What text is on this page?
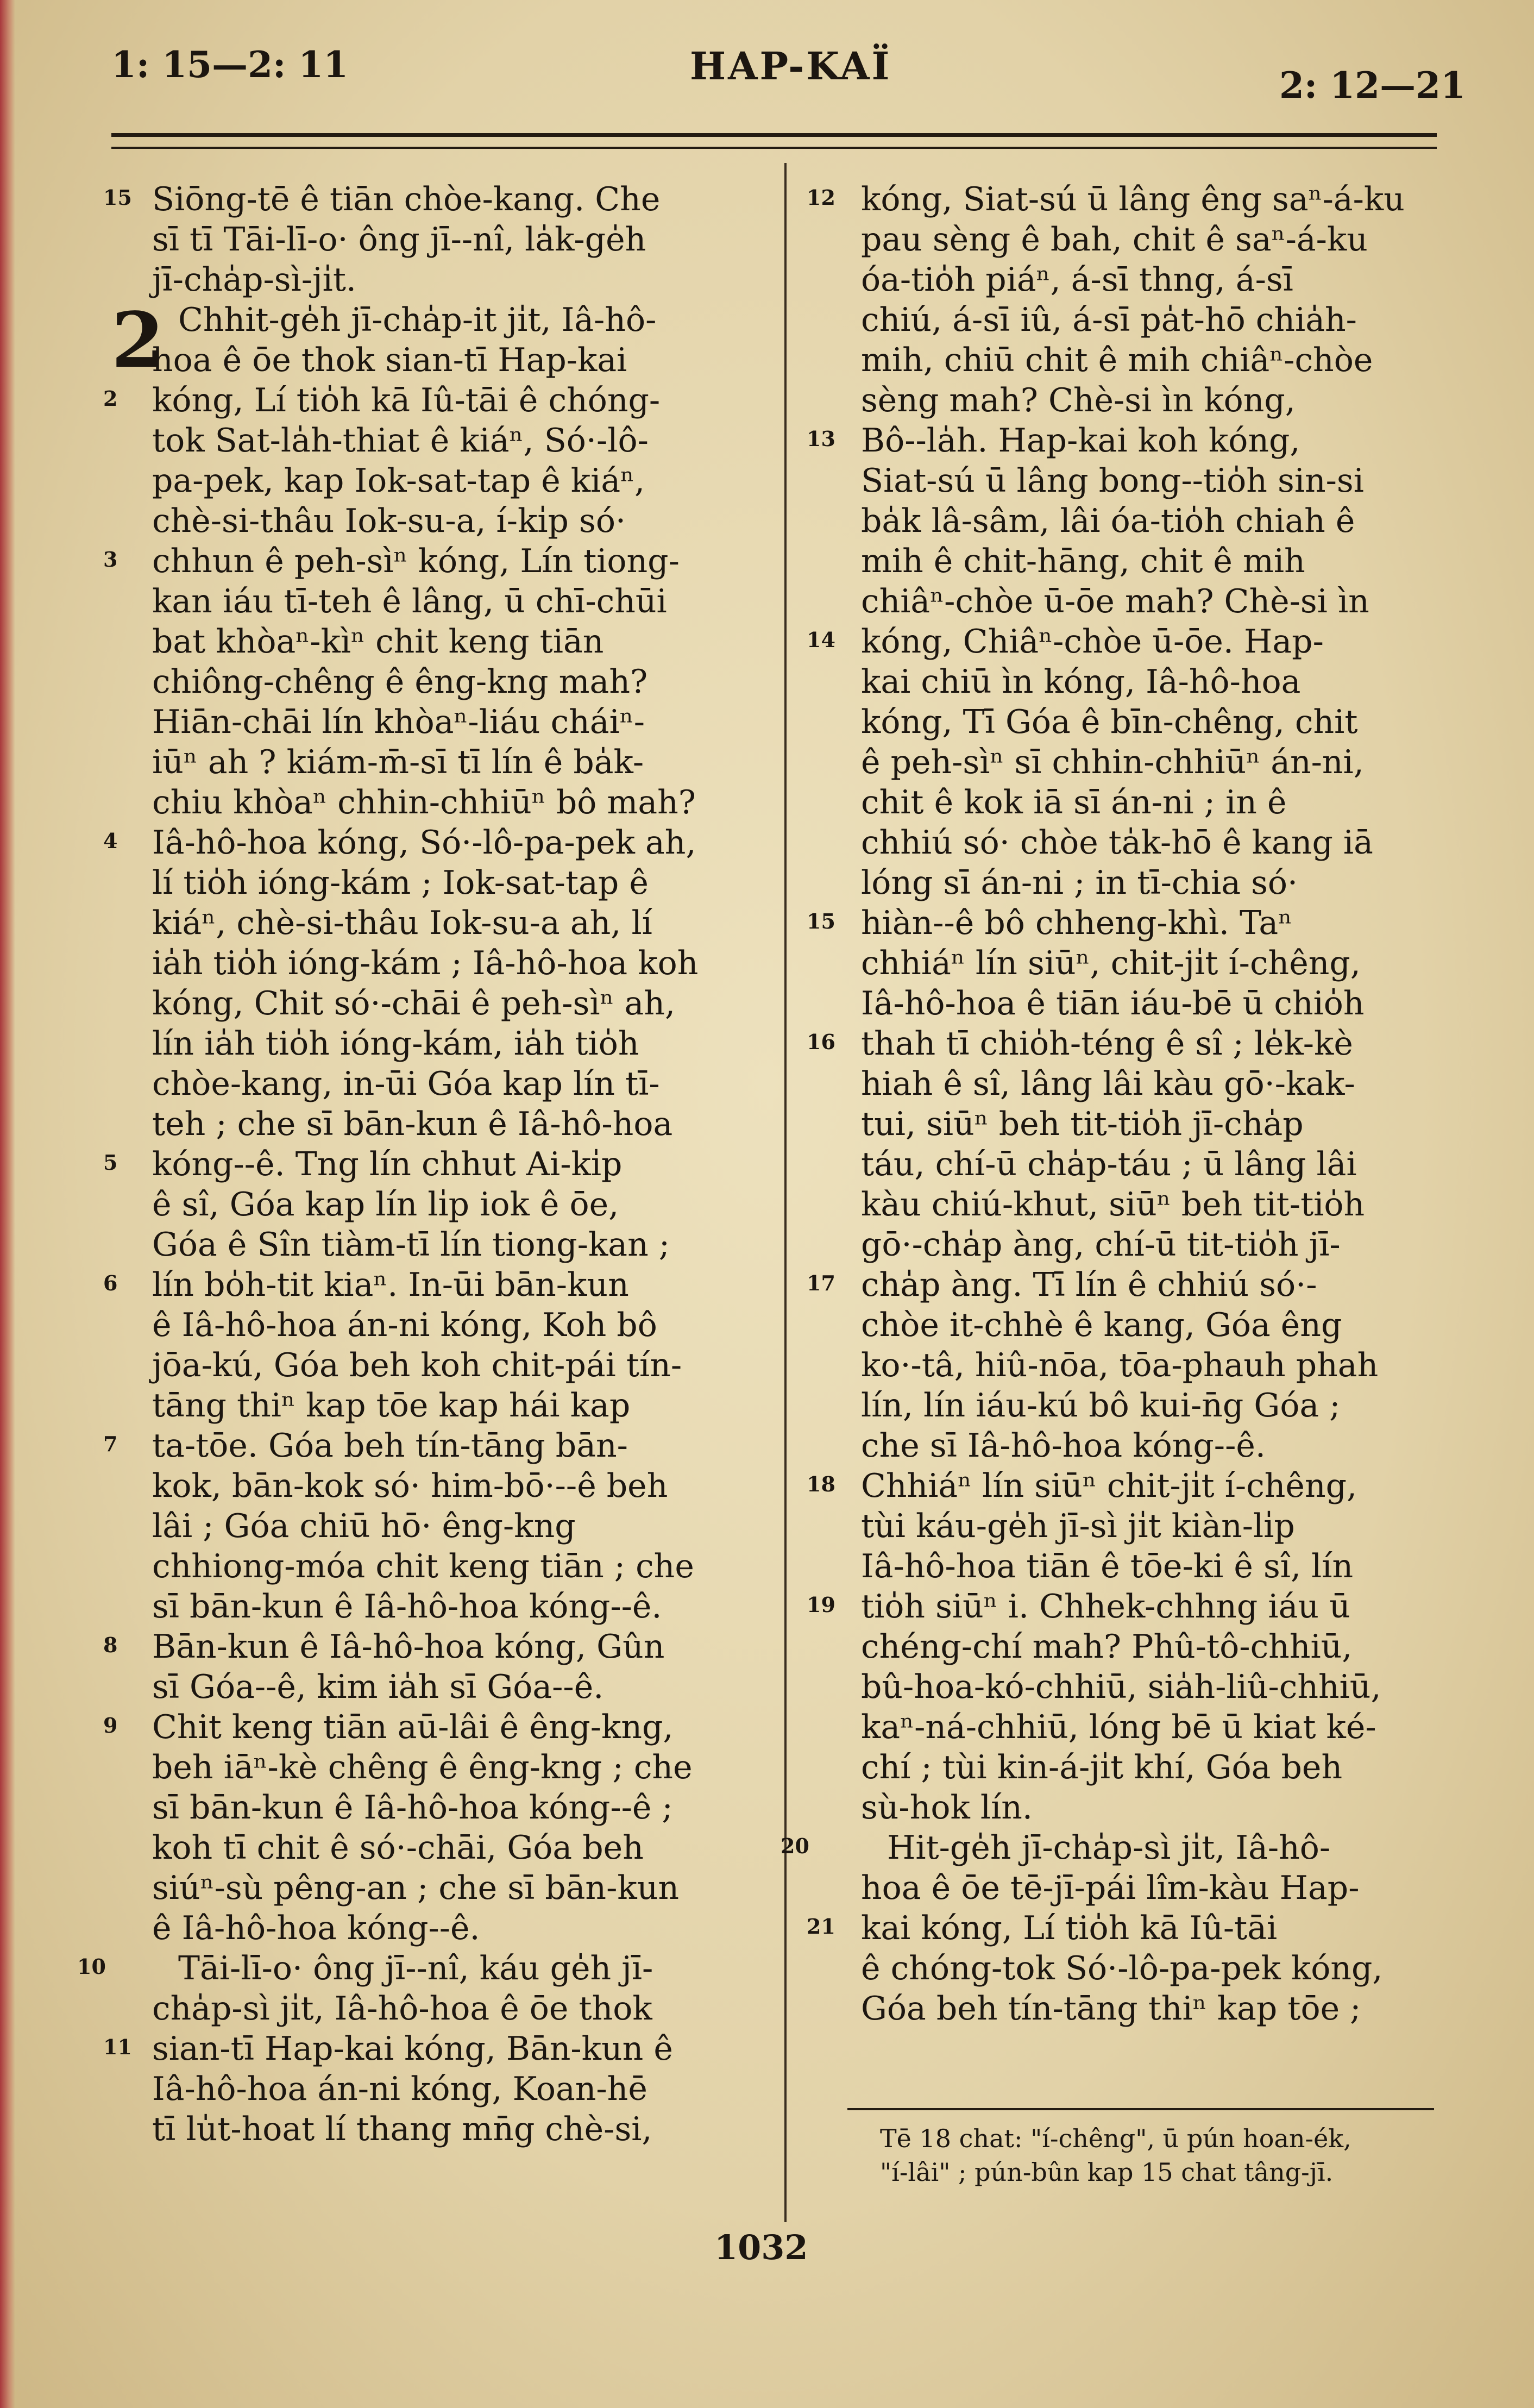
1: 15—2: 11	HAP-KAÏ	2: 12—21
15 Siōng-tē ê tiān chòe-kang. Che
sī tī Tāi-lī-o· ông jī--nî, la̍k-ge̍h
jī-cha̍p-sì-ji̍t.
2 Chhit-ge̍h jī-cha̍p-it ji̍t, Iâ-hô-
hoa ê ōe thok sian-tī Hap-kai
2 kóng, Lí tio̍h kā Iû-tāi ê chóng-
tok Sat-la̍h-thiat ê kiáⁿ, Só·-lô-
pa-pek, kap Iok-sat-tap ê kiáⁿ,
chè-si-thâu Iok-su-a, í-ki̍p só·
3 chhun ê peh-sìⁿ kóng, Lín tiong-
kan iáu tī-teh ê lâng, ū chī-chūi
bat khòaⁿ-kìⁿ chit keng tiān
chiông-chêng ê êng-kng mah?
Hiān-chāi lín khòaⁿ-liáu cháiⁿ-
iūⁿ ah ? kiám-m̄-sī tī lín ê ba̍k-
chiu khòaⁿ chhin-chhiūⁿ bô mah?
4 Iâ-hô-hoa kóng, Só·-lô-pa-pek ah,
lí tio̍h ióng-kám ; Iok-sat-tap ê
kiáⁿ, chè-si-thâu Iok-su-a ah, lí
ia̍h tio̍h ióng-kám ; Iâ-hô-hoa koh
kóng, Chit só·-chāi ê peh-sìⁿ ah,
lín ia̍h tio̍h ióng-kám, ia̍h tio̍h
chòe-kang, in-ūi Góa kap lín tī-
teh ; che sī bān-kun ê Iâ-hô-hoa
5 kóng--ê. Tng lín chhut Ai-ki̍p
ê sî, Góa kap lín li̍p iok ê ōe,
Góa ê Sîn tiàm-tī lín tiong-kan ;
6 lín bo̍h-tit kiaⁿ. In-ūi bān-kun
ê Iâ-hô-hoa án-ni kóng, Koh bô
jōa-kú, Góa beh koh chit-pái tín-
tāng thiⁿ kap tōe kap hái kap
7 ta-tōe. Góa beh tín-tāng bān-
kok, bān-kok só· him-bō·--ê beh
lâi ; Góa chiū hō· êng-kng
chhiong-móa chit keng tiān ; che
sī bān-kun ê Iâ-hô-hoa kóng--ê.
8 Bān-kun ê Iâ-hô-hoa kóng, Gûn
sī Góa--ê, kim ia̍h sī Góa--ê.
9 Chit keng tiān aū-lâi ê êng-kng,
beh iāⁿ-kè chêng ê êng-kng ; che
sī bān-kun ê Iâ-hô-hoa kóng--ê ;
koh tī chit ê só·-chāi, Góa beh
siúⁿ-sù pêng-an ; che sī bān-kun
ê Iâ-hô-hoa kóng--ê.
10 Tāi-lī-o· ông jī--nî, káu ge̍h jī-
cha̍p-sì ji̍t, Iâ-hô-hoa ê ōe thok
11 sian-tī Hap-kai kóng, Bān-kun ê
Iâ-hô-hoa án-ni kóng, Koan-hē
tī lu̍t-hoat lí thang mn̄g chè-si,
12 kóng, Siat-sú ū lâng êng saⁿ-á-ku
pau sèng ê bah, chit ê saⁿ-á-ku
óa-tio̍h piáⁿ, á-sī thng, á-sī
chiú, á-sī iû, á-sī pa̍t-hō chia̍h-
mih, chiū chit ê mih chiâⁿ-chòe
sèng mah? Chè-si ìn kóng,
13 Bô--la̍h. Hap-kai koh kóng,
Siat-sú ū lâng bong--tio̍h sin-si
ba̍k lâ-sâm, lâi óa-tio̍h chiah ê
mih ê chit-hāng, chit ê mih
chiâⁿ-chòe ū-ōe mah? Chè-si ìn
14 kóng, Chiâⁿ-chòe ū-ōe. Hap-
kai chiū ìn kóng, Iâ-hô-hoa
kóng, Tī Góa ê bīn-chêng, chit
ê peh-sìⁿ sī chhin-chhiūⁿ án-ni,
chit ê kok iā sī án-ni ; in ê
chhiú só· chòe ta̍k-hō ê kang iā
lóng sī án-ni ; in tī-chia só·
15 hiàn--ê bô chheng-khì. Taⁿ
chhiáⁿ lín siūⁿ, chit-ji̍t í-chêng,
Iâ-hô-hoa ê tiān iáu-bē ū chio̍h
16 thah tī chio̍h-téng ê sî ; le̍k-kè
hiah ê sî, lâng lâi kàu gō·-kak-
tui, siūⁿ beh tit-tio̍h jī-cha̍p
táu, chí-ū cha̍p-táu ; ū lâng lâi
kàu chiú-khut, siūⁿ beh tit-tio̍h
gō·-cha̍p àng, chí-ū tit-tio̍h jī-
17 cha̍p àng. Tī lín ê chhiú só·-
chòe it-chhè ê kang, Góa êng
ko·-tâ, hiû-nōa, tōa-phauh phah
lín, lín iáu-kú bô kui-n̄g Góa ;
che sī Iâ-hô-hoa kóng--ê.
18 Chhiáⁿ lín siūⁿ chit-ji̍t í-chêng,
tùi káu-ge̍h jī-sì ji̍t kiàn-li̍p
Iâ-hô-hoa tiān ê tōe-ki ê sî, lín
19 tio̍h siūⁿ i. Chhek-chhng iáu ū
chéng-chí mah? Phû-tô-chhiū,
bû-hoa-kó-chhiū, sia̍h-liû-chhiū,
kaⁿ-ná-chhiū, lóng bē ū kiat ké-
chí ; tùi kin-á-ji̍t khí, Góa beh
sù-hok lín.
20 Hit-ge̍h jī-cha̍p-sì ji̍t, Iâ-hô-
hoa ê ōe tē-jī-pái lîm-kàu Hap-
21 kai kóng, Lí tio̍h kā Iû-tāi
ê chóng-tok Só·-lô-pa-pek kóng,
Góa beh tín-tāng thiⁿ kap tōe ;
Tē 18 chat: "í-chêng", ū pún hoan-ék,
"í-lâi" ; pún-bûn kap 15 chat tâng-jī.
1032
